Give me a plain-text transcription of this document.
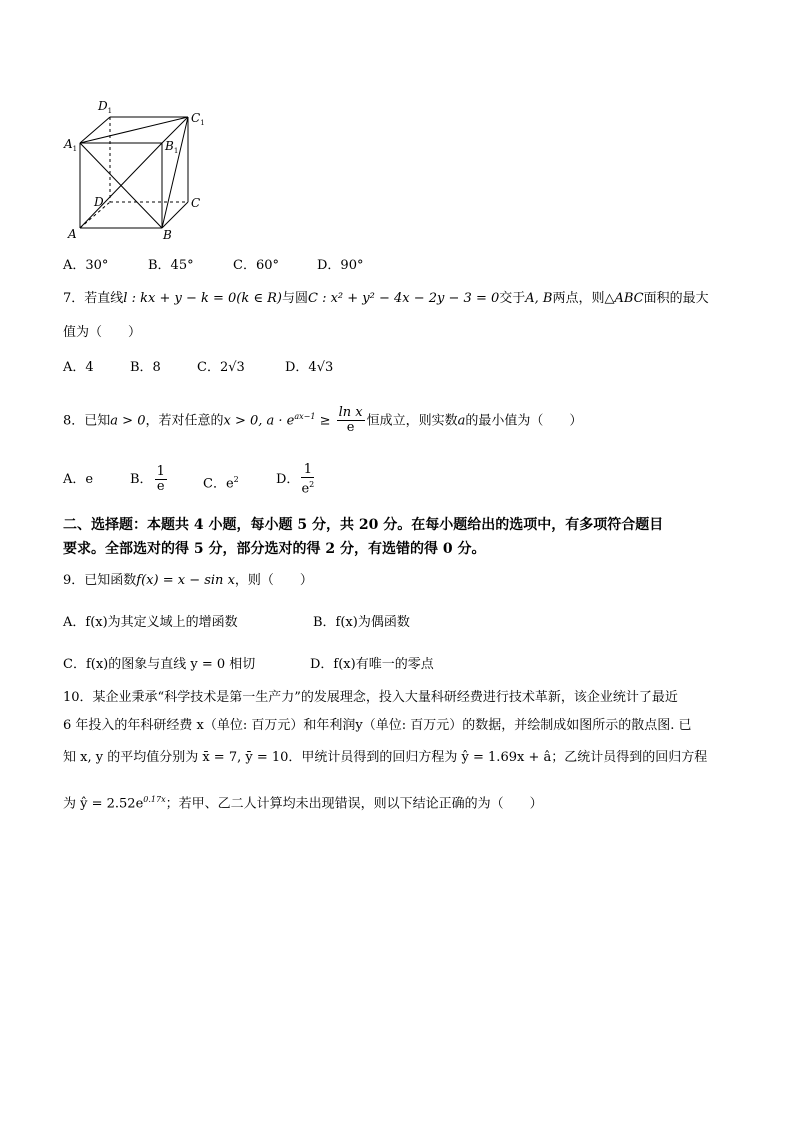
$D_1$	$C_1$
$A_1$	$B_1$
D	C
A	B
A．30°	B．45°	C．60°	D．90°
7．若直线l : kx + y − k = 0(k ∈ R)与圆C : x² + y² − 4x − 2y − 3 = 0交于A, B两点，则△ABC面积的最大
值为（　　）
A．4	B．8	C．2√3	D．4√3
8．已知a > 0，若对任意的x > 0, $a \cdot e^{ax-1} \ge \frac{\text{ln x}}{e}$ 恒成立，则实数a的最小值为（　　）
A．e	B． $\frac{1}{e}$	C．$e^2$	D． $\frac{1}{e^2}$
二、选择题：本题共 4 小题，每小题 5 分，共 20 分。在每小题给出的选项中，有多项符合题目
要求。全部选对的得 5 分，部分选对的得 2 分，有选错的得 0 分。
9．已知函数f(x) = x − sin x，则（　　）
A．f(x)为其定义域上的增函数	B．f(x)为偶函数
C．f(x)的图象与直线 y = 0 相切	D．f(x)有唯一的零点
10．某企业秉承“科学技术是第一生产力”的发展理念，投入大量科研经费进行技术革新，该企业统计了最近
6 年投入的年科研经费 x（单位: 百万元）和年利润y（单位: 百万元）的数据，并绘制成如图所示的散点图. 已
知 x, y 的平均值分别为 x̄ = 7, ȳ = 10．甲统计员得到的回归方程为 ŷ = 1.69x + â；乙统计员得到的回归方程
为 ŷ = $2.52e^{0.17x}$；若甲、乙二人计算均未出现错误，则以下结论正确的为（　　）
